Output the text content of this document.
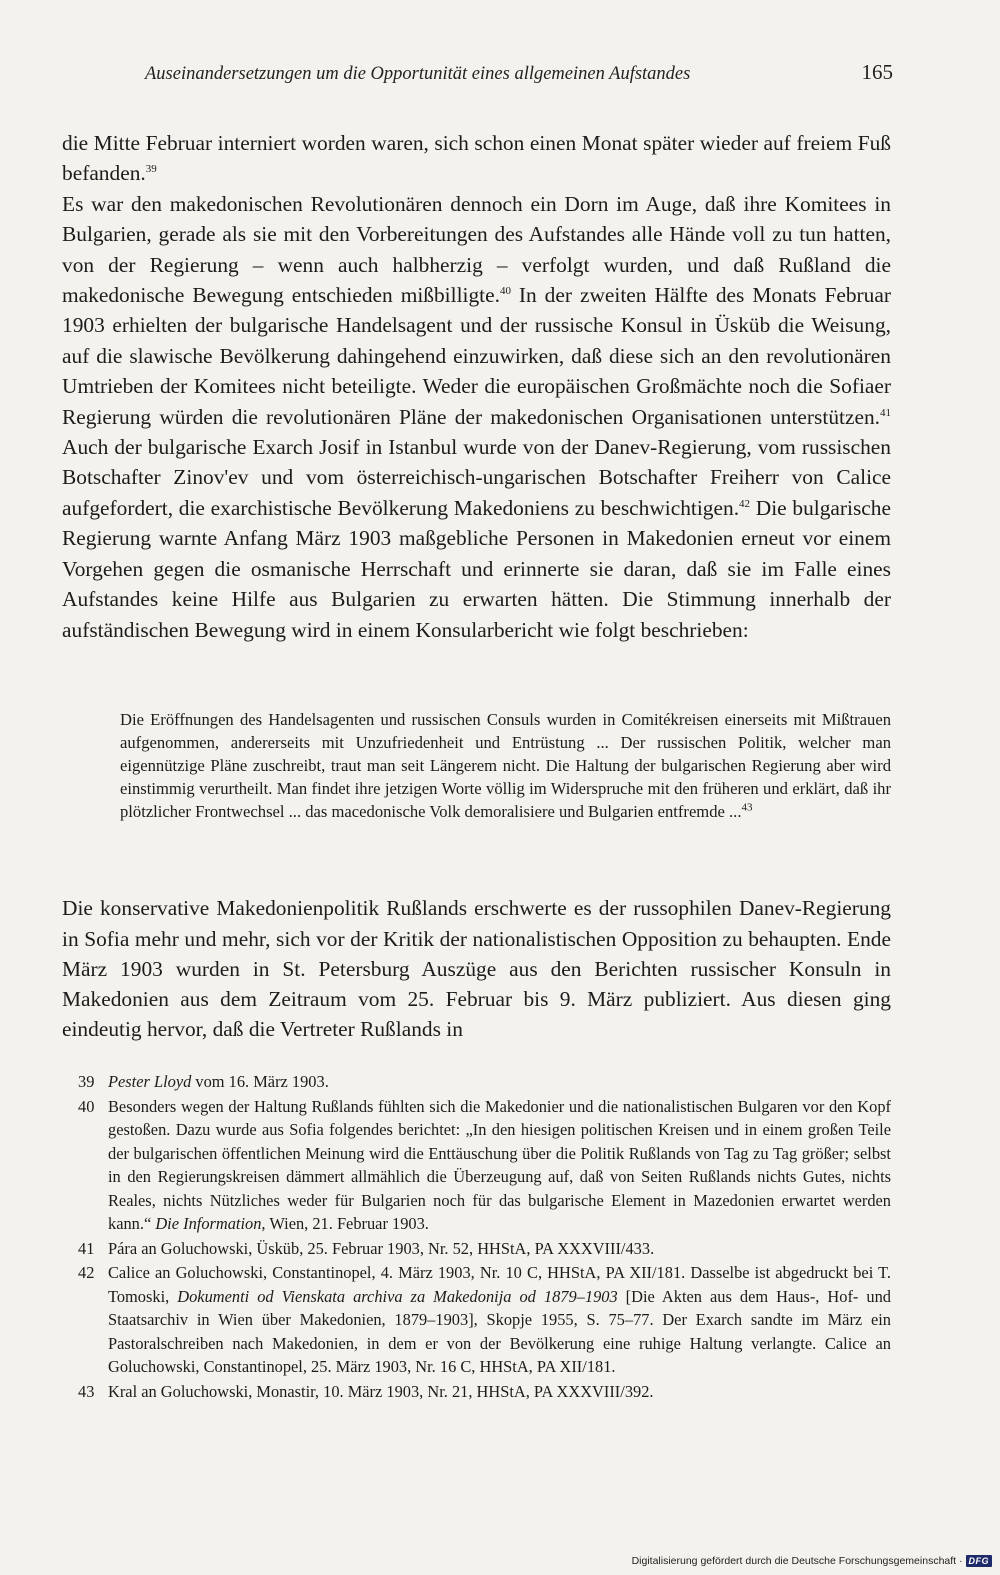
Auseinandersetzungen um die Opportunität eines allgemeinen Aufstandes	165

die Mitte Februar interniert worden waren, sich schon einen Monat später wieder auf freiem Fuß befanden.$^{39}$

Es war den makedonischen Revolutionären dennoch ein Dorn im Auge, daß ihre Komitees in Bulgarien, gerade als sie mit den Vorbereitungen des Aufstandes alle Hände voll zu tun hatten, von der Regierung – wenn auch halbherzig – verfolgt wurden, und daß Rußland die makedonische Bewegung entschieden mißbilligte.$^{40}$ In der zweiten Hälfte des Monats Februar 1903 erhielten der bulgarische Handelsagent und der russische Konsul in Üsküb die Weisung, auf die slawische Bevölkerung dahingehend einzuwirken, daß diese sich an den revolutionären Umtrieben der Komitees nicht beteiligte. Weder die europäischen Großmächte noch die Sofiaer Regierung würden die revolutionären Pläne der makedonischen Organisationen unterstützen.$^{41}$ Auch der bulgarische Exarch Josif in Istanbul wurde von der Danev-Regierung, vom russischen Botschafter Zinov'ev und vom österreichisch-ungarischen Botschafter Freiherr von Calice aufgefordert, die exarchistische Bevölkerung Makedoniens zu beschwichtigen.$^{42}$ Die bulgarische Regierung warnte Anfang März 1903 maßgebliche Personen in Makedonien erneut vor einem Vorgehen gegen die osmanische Herrschaft und erinnerte sie daran, daß sie im Falle eines Aufstandes keine Hilfe aus Bulgarien zu erwarten hätten. Die Stimmung innerhalb der aufständischen Bewegung wird in einem Konsularbericht wie folgt beschrieben:

Die Eröffnungen des Handelsagenten und russischen Consuls wurden in Comitékreisen einerseits mit Mißtrauen aufgenommen, andererseits mit Unzufriedenheit und Entrüstung ... Der russischen Politik, welcher man eigennützige Pläne zuschreibt, traut man seit Längerem nicht. Die Haltung der bulgarischen Regierung aber wird einstimmig verurtheilt. Man findet ihre jetzigen Worte völlig im Widerspruche mit den früheren und erklärt, daß ihr plötzlicher Frontwechsel ... das macedonische Volk demoralisiere und Bulgarien entfremde ...$^{43}$

Die konservative Makedonienpolitik Rußlands erschwerte es der russophilen Danev-Regierung in Sofia mehr und mehr, sich vor der Kritik der nationalistischen Opposition zu behaupten. Ende März 1903 wurden in St. Petersburg Auszüge aus den Berichten russischer Konsuln in Makedonien aus dem Zeitraum vom 25. Februar bis 9. März publiziert. Aus diesen ging eindeutig hervor, daß die Vertreter Rußlands in

39 Pester Lloyd vom 16. März 1903.
40 Besonders wegen der Haltung Rußlands fühlten sich die Makedonier und die nationalistischen Bulgaren vor den Kopf gestoßen. Dazu wurde aus Sofia folgendes berichtet: „In den hiesigen politischen Kreisen und in einem großen Teile der bulgarischen öffentlichen Meinung wird die Enttäuschung über die Politik Rußlands von Tag zu Tag größer; selbst in den Regierungskreisen dämmert allmählich die Überzeugung auf, daß von Seiten Rußlands nichts Gutes, nichts Reales, nichts Nützliches weder für Bulgarien noch für das bulgarische Element in Mazedonien erwartet werden kann.“ Die Information, Wien, 21. Februar 1903.
41 Pára an Goluchowski, Üsküb, 25. Februar 1903, Nr. 52, HHStA, PA XXXVIII/433.
42 Calice an Goluchowski, Constantinopel, 4. März 1903, Nr. 10 C, HHStA, PA XII/181. Dasselbe ist abgedruckt bei T. Tomoski, Dokumenti od Vienskata archiva za Makedonija od 1879–1903 [Die Akten aus dem Haus-, Hof- und Staatsarchiv in Wien über Makedonien, 1879–1903], Skopje 1955, S. 75–77. Der Exarch sandte im März ein Pastoralschreiben nach Makedonien, in dem er von der Bevölkerung eine ruhige Haltung verlangte. Calice an Goluchowski, Constantinopel, 25. März 1903, Nr. 16 C, HHStA, PA XII/181.
43 Kral an Goluchowski, Monastir, 10. März 1903, Nr. 21, HHStA, PA XXXVIII/392.
Digitalisierung gefördert durch die Deutsche Forschungsgemeinschaft · DFG
